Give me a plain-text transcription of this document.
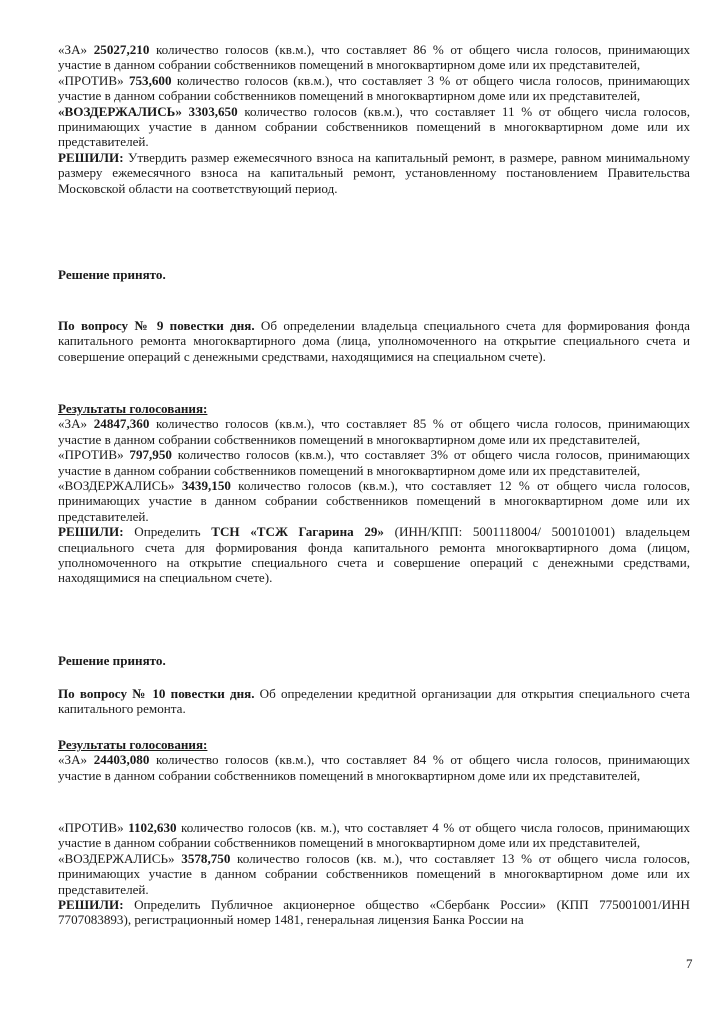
«ЗА» 25027,210 количество голосов (кв.м.), что составляет 86 % от общего числа голосов, принимающих участие в данном собрании собственников помещений в многоквартирном доме или их представителей,

«ПРОТИВ» 753,600 количество голосов (кв.м.), что составляет 3 % от общего числа голосов, принимающих участие в данном собрании собственников помещений в многоквартирном доме или их представителей,

«ВОЗДЕРЖАЛИСЬ» 3303,650 количество голосов (кв.м.), что составляет 11 % от общего числа голосов, принимающих участие в данном собрании собственников помещений в многоквартирном доме или их представителей.

РЕШИЛИ: Утвердить размер ежемесячного взноса на капитальный ремонт, в размере, равном минимальному размеру ежемесячного взноса на капитальный ремонт, установленному постановлением Правительства Московской области на соответствующий период.

Решение принято.

По вопросу № 9 повестки дня. Об определении владельца специального счета для формирования фонда капитального ремонта многоквартирного дома (лица, уполномоченного на открытие специального счета и совершение операций с денежными средствами, находящимися на специальном счете).

Результаты голосования:

«ЗА» 24847,360 количество голосов (кв.м.), что составляет 85 % от общего числа голосов, принимающих участие в данном собрании собственников помещений в многоквартирном доме или их представителей,

«ПРОТИВ» 797,950 количество голосов (кв.м.), что составляет 3% от общего числа голосов, принимающих участие в данном собрании собственников помещений в многоквартирном доме или их представителей,

«ВОЗДЕРЖАЛИСЬ» 3439,150 количество голосов (кв.м.), что составляет 12 % от общего числа голосов, принимающих участие в данном собрании собственников помещений в многоквартирном доме или их представителей.

РЕШИЛИ: Определить ТСН «ТСЖ Гагарина 29» (ИНН/КПП: 5001118004/ 500101001) владельцем специального счета для формирования фонда капитального ремонта многоквартирного дома (лицом, уполномоченного на открытие специального счета и совершение операций с денежными средствами, находящимися на специальном счете).

Решение принято.

По вопросу № 10 повестки дня. Об определении кредитной организации для открытия специального счета капитального ремонта.

Результаты голосования:

«ЗА» 24403,080 количество голосов (кв.м.), что составляет 84 % от общего числа голосов, принимающих участие в данном собрании собственников помещений в многоквартирном доме или их представителей,

«ПРОТИВ» 1102,630 количество голосов (кв. м.), что составляет 4 % от общего числа голосов, принимающих участие в данном собрании собственников помещений в многоквартирном доме или их представителей,

«ВОЗДЕРЖАЛИСЬ» 3578,750 количество голосов (кв. м.), что составляет 13 % от общего числа голосов, принимающих участие в данном собрании собственников помещений в многоквартирном доме или их представителей.

РЕШИЛИ: Определить Публичное акционерное общество «Сбербанк России» (КПП 775001001/ИНН 7707083893), регистрационный номер 1481, генеральная лицензия Банка России на

7
